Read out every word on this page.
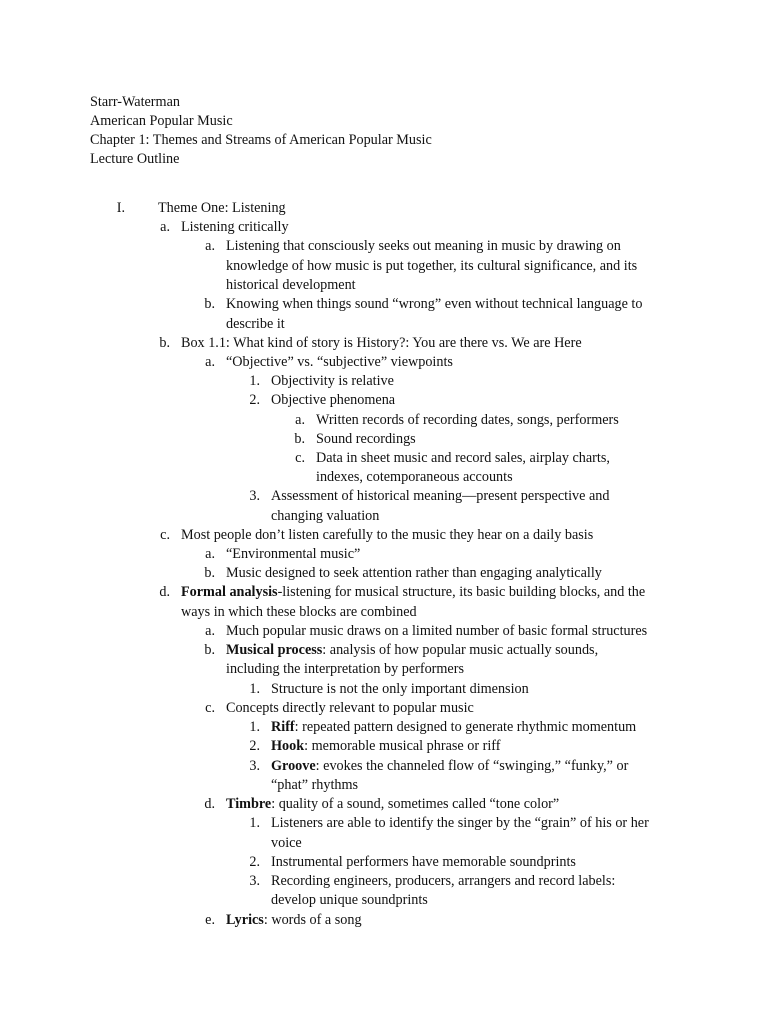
Starr-Waterman
American Popular Music
Chapter 1: Themes and Streams of American Popular Music
Lecture Outline
I. Theme One: Listening
a. Listening critically
a. Listening that consciously seeks out meaning in music by drawing on
knowledge of how music is put together, its cultural significance, and its
historical development
b. Knowing when things sound “wrong” even without technical language to
describe it
b. Box 1.1: What kind of story is History?: You are there vs. We are Here
a. “Objective” vs. “subjective” viewpoints
1. Objectivity is relative
2. Objective phenomena
a. Written records of recording dates, songs, performers
b. Sound recordings
c. Data in sheet music and record sales, airplay charts,
indexes, cotemporaneous accounts
3. Assessment of historical meaning—present perspective and
changing valuation
c. Most people don’t listen carefully to the music they hear on a daily basis
a. “Environmental music”
b. Music designed to seek attention rather than engaging analytically
d. Formal analysis-listening for musical structure, its basic building blocks, and the
ways in which these blocks are combined
a. Much popular music draws on a limited number of basic formal structures
b. Musical process: analysis of how popular music actually sounds,
including the interpretation by performers
1. Structure is not the only important dimension
c. Concepts directly relevant to popular music
1. Riff: repeated pattern designed to generate rhythmic momentum
2. Hook: memorable musical phrase or riff
3. Groove: evokes the channeled flow of “swinging,” “funky,” or
“phat” rhythms
d. Timbre: quality of a sound, sometimes called “tone color”
1. Listeners are able to identify the singer by the “grain” of his or her
voice
2. Instrumental performers have memorable soundprints
3. Recording engineers, producers, arrangers and record labels:
develop unique soundprints
e. Lyrics: words of a song
